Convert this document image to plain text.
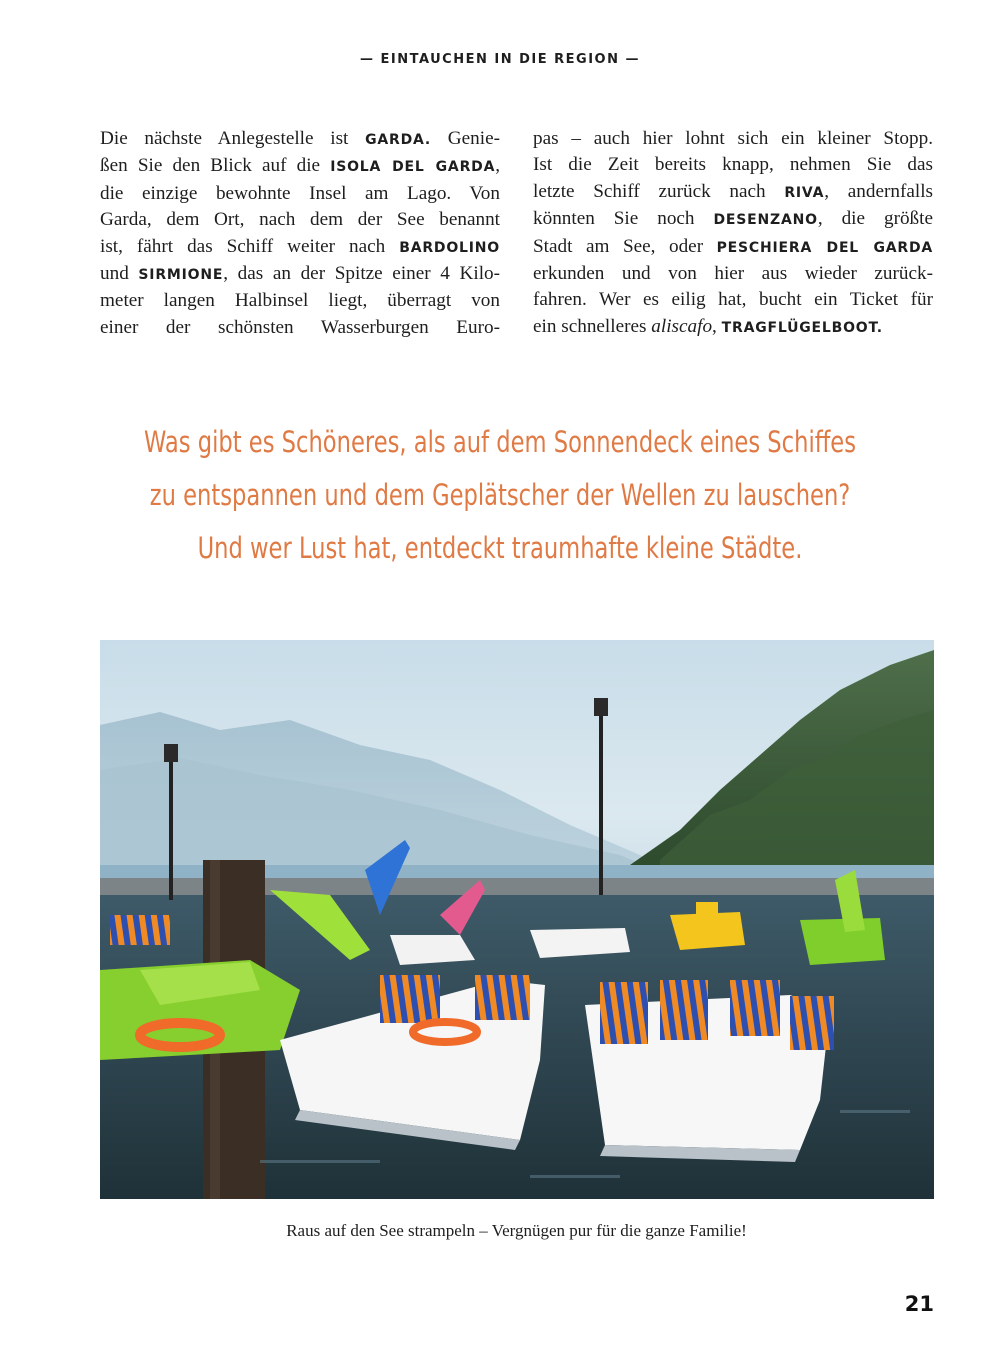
— EINTAUCHEN IN DIE REGION —
Die nächste Anlegestelle ist GARDA. Genie-
ßen Sie den Blick auf die ISOLA DEL GARDA,
die einzige bewohnte Insel am Lago. Von
Garda, dem Ort, nach dem der See benannt
ist, fährt das Schiff weiter nach BARDOLINO
und SIRMIONE, das an der Spitze einer 4 Kilo-
meter langen Halbinsel liegt, überragt von
einer der schönsten Wasserburgen Euro-
pas – auch hier lohnt sich ein kleiner Stopp.
Ist die Zeit bereits knapp, nehmen Sie das
letzte Schiff zurück nach RIVA, andernfalls
könnten Sie noch DESENZANO, die größte
Stadt am See, oder PESCHIERA DEL GARDA
erkunden und von hier aus wieder zurück-
fahren. Wer es eilig hat, bucht ein Ticket für
ein schnelleres aliscafo, TRAGFLÜGELBOOT.
Was gibt es Schöneres, als auf dem Sonnendeck eines Schiffes
zu entspannen und dem Geplätscher der Wellen zu lauschen?
Und wer Lust hat, entdeckt traumhafte kleine Städte.
Raus auf den See strampeln – Vergnügen pur für die ganze Familie!
21
